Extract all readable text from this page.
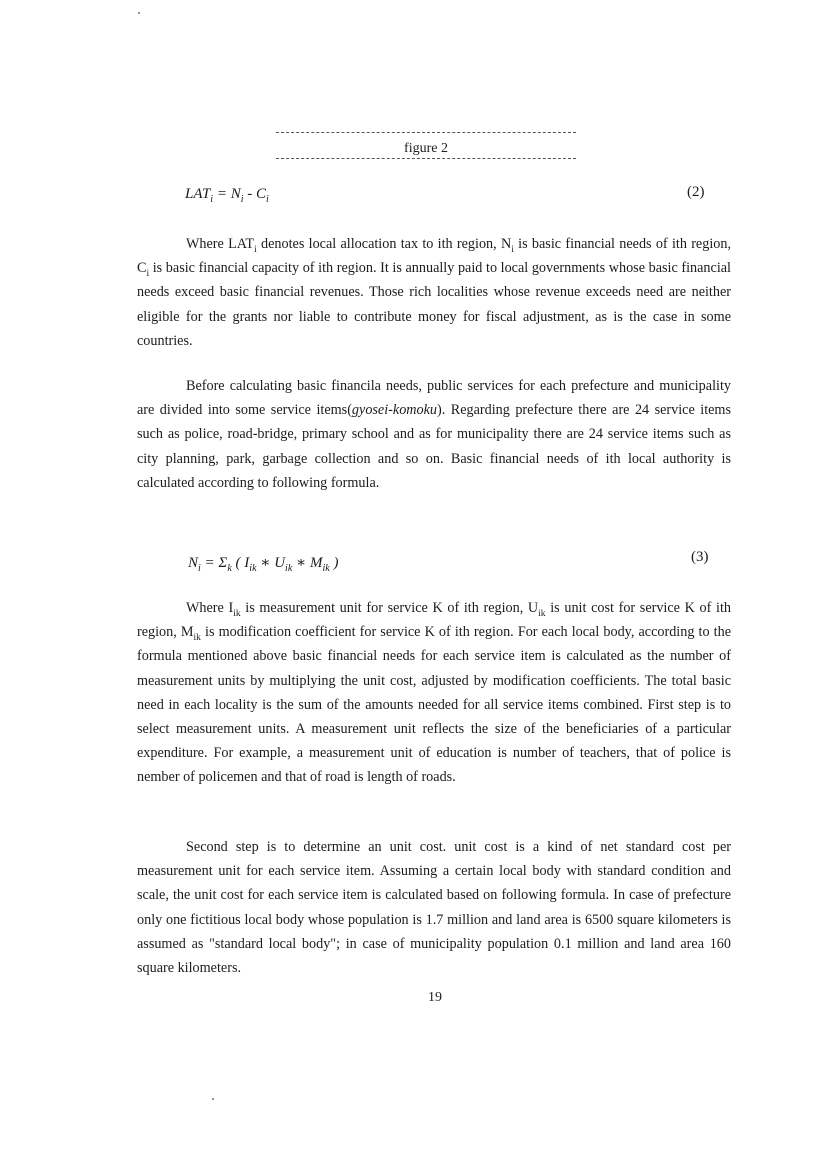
figure 2
$LAT_i = N_i - C_i$	(2)

Where $LAT_i$ denotes local allocation tax to ith region, $N_i$ is basic financial needs of ith region, $C_i$ is basic financial capacity of ith region. It is annually paid to local governments whose basic financial needs exceed basic financial revenues. Those rich localities whose revenue exceeds need are neither eligible for the grants nor liable to contribute money for fiscal adjustment, as is the case in some countries.

Before calculating basic financila needs, public services for each prefecture and municipality are divided into some service items(gyosei-komoku). Regarding prefecture there are 24 service items such as police, road-bridge, primary school and as for municipality there are 24 service items such as city planning, park, garbage collection and so on. Basic financial needs of ith local authority is calculated according to following formula.

$N_i = \Sigma_k$ ( $I_{ik}$ ∗ $U_{ik}$ ∗ $M_{ik}$ )	(3)

Where $I_{ik}$ is measurement unit for service K of ith region, $U_{ik}$ is unit cost for service K of ith region, $M_{ik}$ is modification coefficient for service K of ith region. For each local body, according to the formula mentioned above basic financial needs for each service item is calculated as the number of measurement units by multiplying the unit cost, adjusted by modification coefficients. The total basic need in each locality is the sum of the amounts needed for all service items combined. First step is to select measurement units. A measurement unit reflects the size of the beneficiaries of a particular expenditure. For example, a measurement unit of education is number of teachers, that of police is nember of policemen and that of road is length of roads.

Second step is to determine an unit cost. unit cost is a kind of net standard cost per measurement unit for each service item. Assuming a certain local body with standard condition and scale, the unit cost for each service item is calculated based on following formula. In case of prefecture only one fictitious local body whose population is 1.7 million and land area is 6500 square kilometers is assumed as "standard local body"; in case of municipality population 0.1 million and land area 160 square kilometers.

19
